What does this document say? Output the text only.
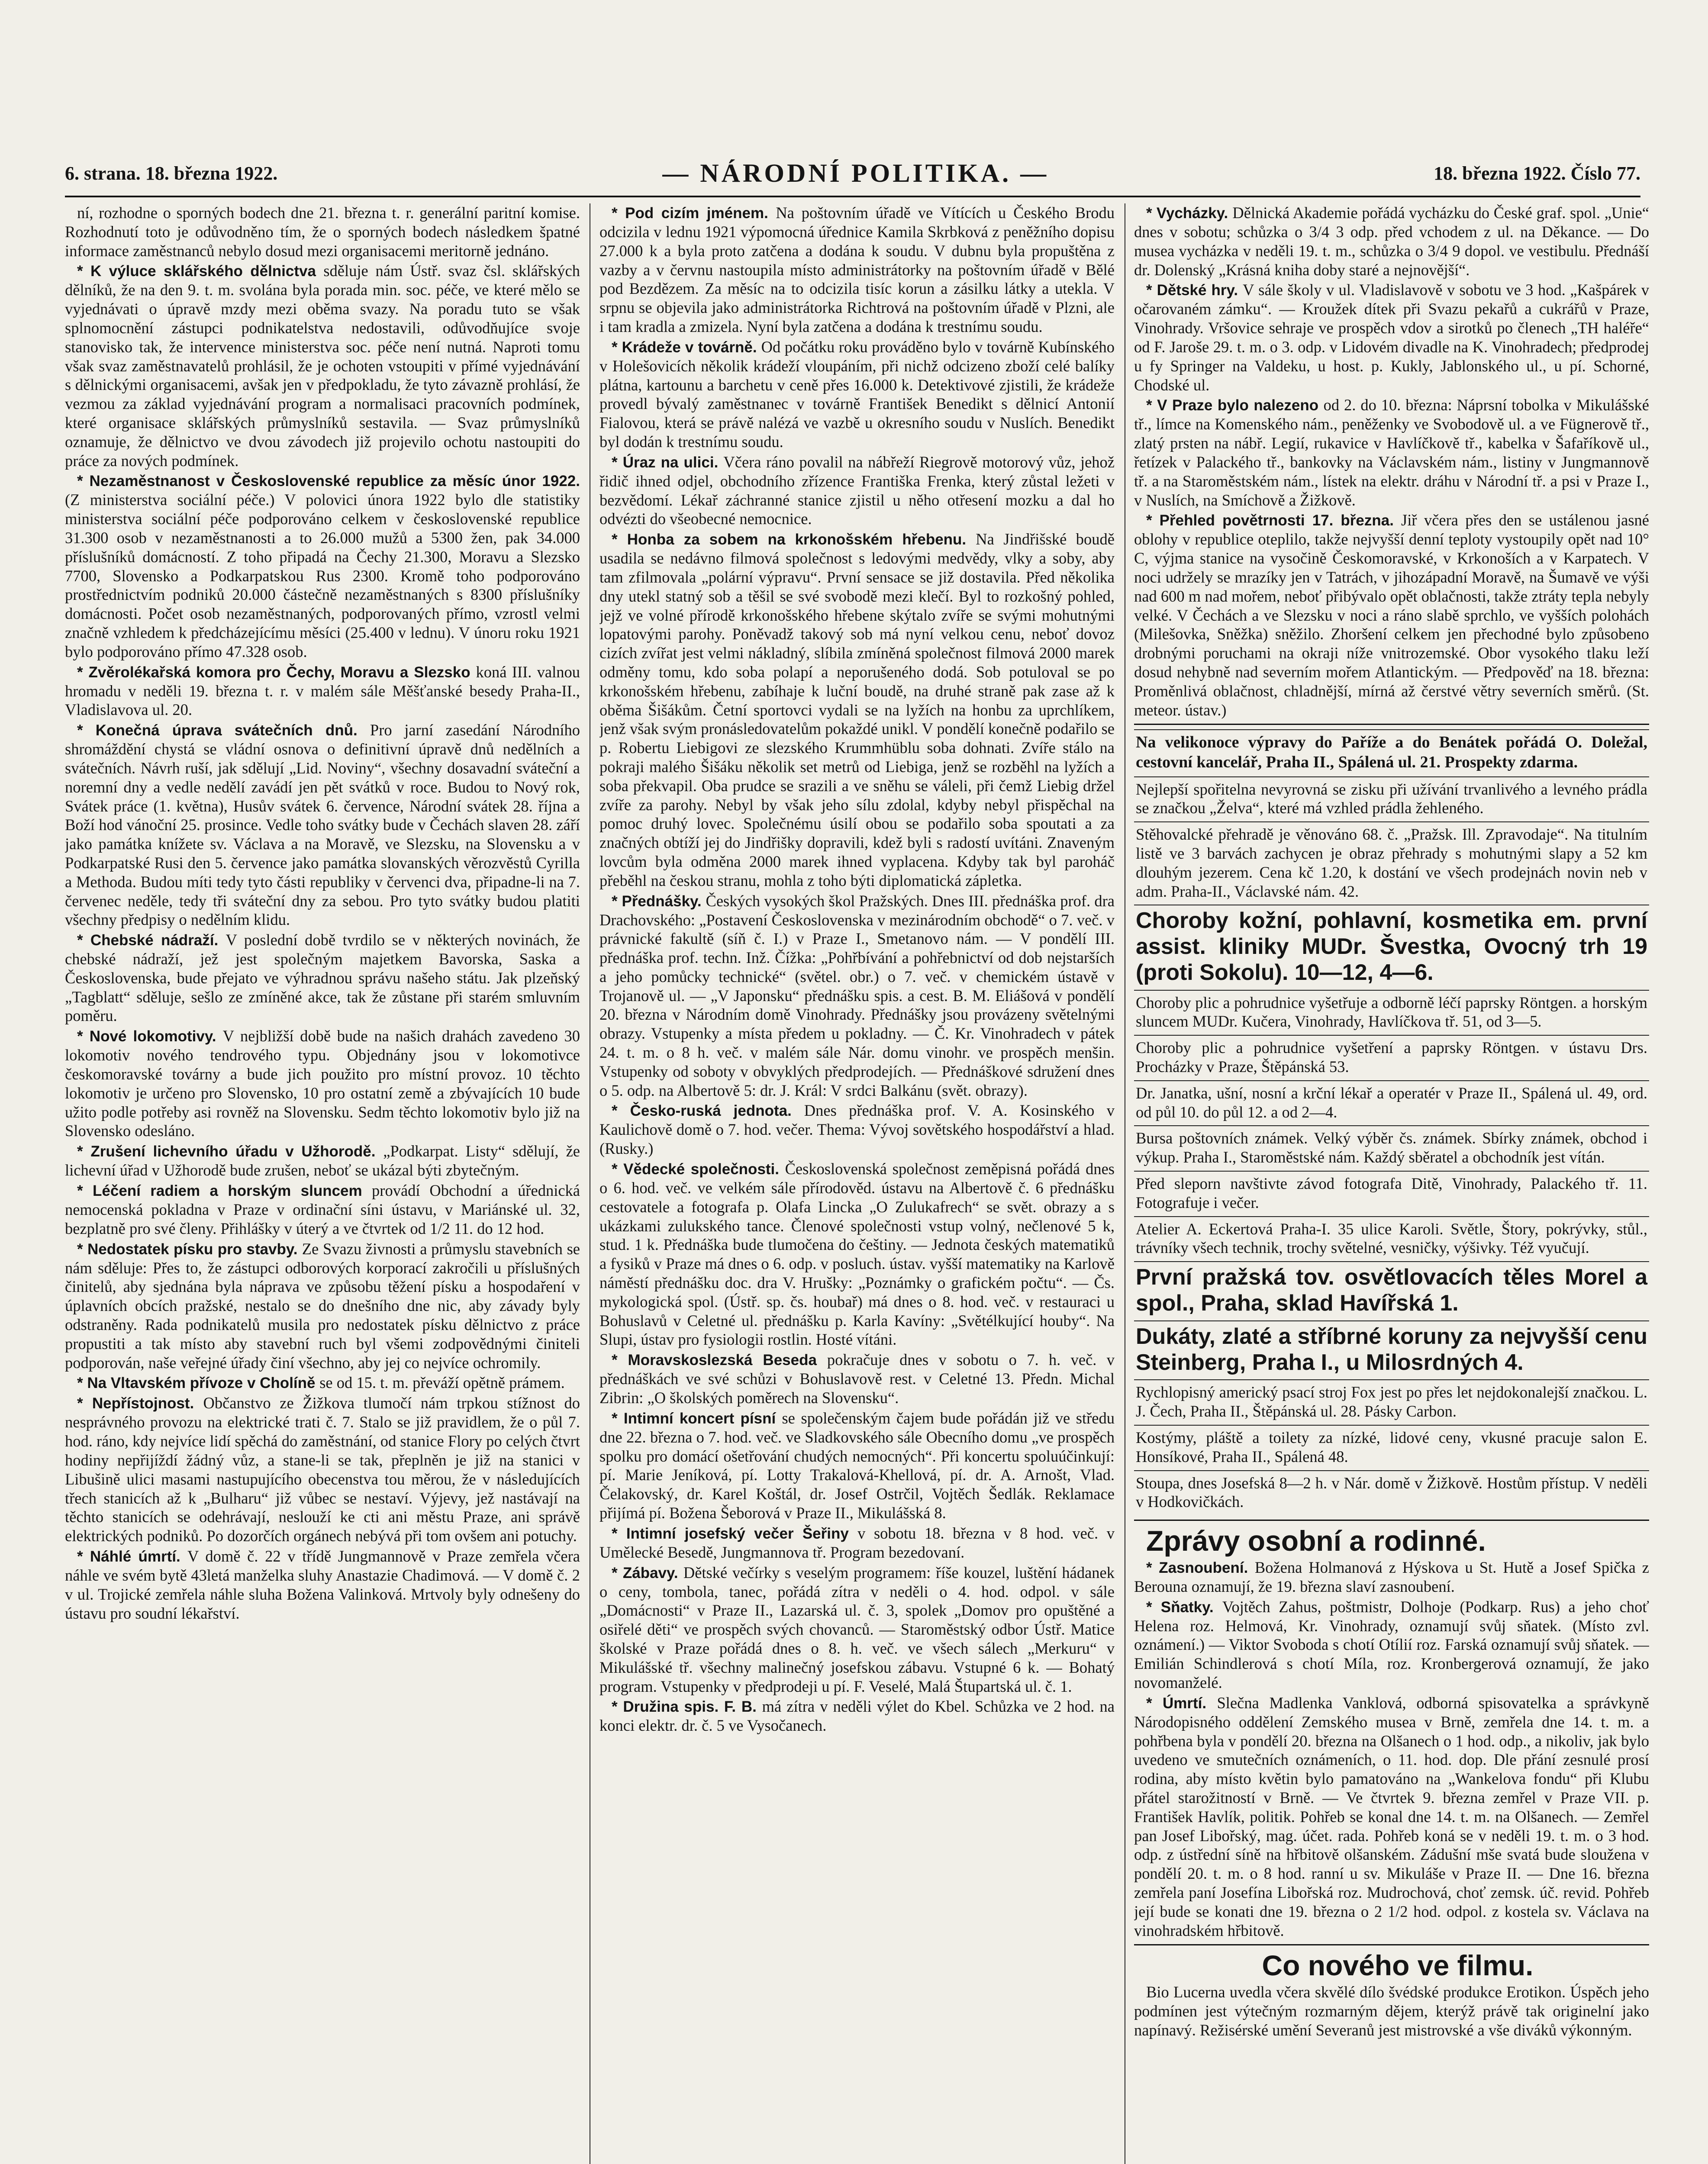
6. strana. 18. března 1922.	— NÁRODNÍ POLITIKA. —	18. března 1922. Číslo 77.

ní, rozhodne o sporných bodech dne 21. března t. r. generální paritní komise. Rozhodnutí toto je odůvodněno tím, že o sporných bodech následkem špatné informace zaměstnanců nebylo dosud mezi organisacemi meritorně jednáno.

* K výluce sklářského dělnictva sděluje nám Ústř. svaz čsl. sklářských dělníků, že na den 9. t. m. svolána byla porada min. soc. péče, ve které mělo se vyjednávati o úpravě mzdy mezi oběma svazy. Na poradu tuto se však splnomocnění zástupci podnikatelstva nedostavili, odůvodňujíce svoje stanovisko tak, že intervence ministerstva soc. péče není nutná. Naproti tomu však svaz zaměstnavatelů prohlásil, že je ochoten vstoupiti v přímé vyjednávání s dělnickými organisacemi, avšak jen v předpokladu, že tyto závazně prohlásí, že vezmou za základ vyjednávání program a normalisaci pracovních podmínek, které organisace sklářských průmyslníků sestavila. — Svaz průmyslníků oznamuje, že dělnictvo ve dvou závodech již projevilo ochotu nastoupiti do práce za nových podmínek.

* Nezaměstnanost v Československé republice za měsíc únor 1922. (Z ministerstva sociální péče.) V polovici února 1922 bylo dle statistiky ministerstva sociální péče podporováno celkem v československé republice 31.300 osob v nezaměstnanosti a to 26.000 mužů a 5300 žen, pak 34.000 příslušníků domácností. Z toho připadá na Čechy 21.300, Moravu a Slezsko 7700, Slovensko a Podkarpatskou Rus 2300. Kromě toho podporováno prostřednictvím podniků 20.000 částečně nezaměstnaných s 8300 příslušníky domácnosti. Počet osob nezaměstnaných, podporovaných přímo, vzrostl velmi značně vzhledem k předcházejícímu měsíci (25.400 v lednu). V únoru roku 1921 bylo podporováno přímo 47.328 osob.

* Zvěrolékařská komora pro Čechy, Moravu a Slezsko koná III. valnou hromadu v neděli 19. března t. r. v malém sále Měšťanské besedy Praha-II., Vladislavova ul. 20.

* Konečná úprava svátečních dnů. Pro jarní zasedání Národního shromáždění chystá se vládní osnova o definitivní úpravě dnů nedělních a svátečních. Návrh ruší, jak sdělují „Lid. Noviny“, všechny dosavadní sváteční a noremní dny a vedle nedělí zavádí jen pět svátků v roce. Budou to Nový rok, Svátek práce (1. května), Husův svátek 6. července, Národní svátek 28. října a Boží hod vánoční 25. prosince. Vedle toho svátky bude v Čechách slaven 28. září jako památka knížete sv. Václava a na Moravě, ve Slezsku, na Slovensku a v Podkarpatské Rusi den 5. července jako památka slovanských věrozvěstů Cyrilla a Methoda. Budou míti tedy tyto části republiky v červenci dva, připadne-li na 7. červenec neděle, tedy tři sváteční dny za sebou. Pro tyto svátky budou platiti všechny předpisy o nedělním klidu.

* Chebské nádraží. V poslední době tvrdilo se v některých novinách, že chebské nádraží, jež jest společným majetkem Bavorska, Saska a Československa, bude přejato ve výhradnou správu našeho státu. Jak plzeňský „Tagblatt“ sděluje, sešlo ze zmíněné akce, tak že zůstane při starém smluvním poměru.

* Nové lokomotivy. V nejbližší době bude na našich drahách zavedeno 30 lokomotiv nového tendrového typu. Objednány jsou v lokomotivce českomoravské továrny a bude jich použito pro místní provoz. 10 těchto lokomotiv je určeno pro Slovensko, 10 pro ostatní země a zbývajících 10 bude užito podle potřeby asi rovněž na Slovensku. Sedm těchto lokomotiv bylo již na Slovensko odesláno.

* Zrušení lichevního úřadu v Užhorodě. „Podkarpat. Listy“ sdělují, že lichevní úřad v Užhorodě bude zrušen, neboť se ukázal býti zbytečným.

* Léčení radiem a horským sluncem provádí Obchodní a úřednická nemocenská pokladna v Praze v ordinační síni ústavu, v Mariánské ul. 32, bezplatně pro své členy. Přihlášky v úterý a ve čtvrtek od 1/2 11. do 12 hod.

* Nedostatek písku pro stavby. Ze Svazu živnosti a průmyslu stavebních se nám sděluje: Přes to, že zástupci odborových korporací zakročili u příslušných činitelů, aby sjednána byla náprava ve způsobu těžení písku a hospodaření v úplavních obcích pražské, nestalo se do dnešního dne nic, aby závady byly odstraněny. Rada podnikatelů musila pro nedostatek písku dělnictvo z práce propustiti a tak místo aby stavební ruch byl všemi zodpovědnými činiteli podporován, naše veřejné úřady činí všechno, aby jej co nejvíce ochromily.

* Na Vltavském přívoze v Cholíně se od 15. t. m. převáží opětně prámem.

* Nepřístojnost. Občanstvo ze Žižkova tlumočí nám trpkou stížnost do nesprávného provozu na elektrické trati č. 7. Stalo se již pravidlem, že o půl 7. hod. ráno, kdy nejvíce lidí spěchá do zaměstnání, od stanice Flory po celých čtvrt hodiny nepřijíždí žádný vůz, a stane-li se tak, přeplněn je již na stanici v Libušině ulici masami nastupujícího obecenstva tou měrou, že v následujících třech stanicích až k „Bulharu“ již vůbec se nestaví. Výjevy, jež nastávají na těchto stanicích se odehrávají, neslouží ke cti ani městu Praze, ani správě elektrických podniků. Po dozorčích orgánech nebývá při tom ovšem ani potuchy.

* Náhlé úmrtí. V domě č. 22 v třídě Jungmannově v Praze zemřela včera náhle ve svém bytě 43letá manželka sluhy Anastazie Chadimová. — V domě č. 2 v ul. Trojické zemřela náhle sluha Božena Valinková. Mrtvoly byly odnešeny do ústavu pro soudní lékařství.

* Pod cizím jménem. Na poštovním úřadě ve Vítících u Českého Brodu odcizila v lednu 1921 výpomocná úřednice Kamila Skrbková z peněžního dopisu 27.000 k a byla proto zatčena a dodána k soudu. V dubnu byla propuštěna z vazby a v červnu nastoupila místo administrátorky na poštovním úřadě v Bělé pod Bezdězem. Za měsíc na to odcizila tisíc korun a zásilku látky a utekla. V srpnu se objevila jako administrátorka Richtrová na poštovním úřadě v Plzni, ale i tam kradla a zmizela. Nyní byla zatčena a dodána k trestnímu soudu.

* Krádeže v továrně. Od počátku roku prováděno bylo v továrně Kubínského v Holešovicích několik krádeží vloupáním, při nichž odcizeno zboží celé balíky plátna, kartounu a barchetu v ceně přes 16.000 k. Detektivové zjistili, že krádeže provedl bývalý zaměstnanec v továrně František Benedikt s dělnicí Antonií Fialovou, která se právě nalézá ve vazbě u okresního soudu v Nuslích. Benedikt byl dodán k trestnímu soudu.

* Úraz na ulici. Včera ráno povalil na nábřeží Riegrově motorový vůz, jehož řidič ihned odjel, obchodního zřízence Františka Frenka, který zůstal ležeti v bezvědomí. Lékař záchranné stanice zjistil u něho otřesení mozku a dal ho odvézti do všeobecné nemocnice.

* Honba za sobem na krkonošském hřebenu. Na Jindřišské boudě usadila se nedávno filmová společnost s ledovými medvědy, vlky a soby, aby tam zfilmovala „polární výpravu“. První sensace se již dostavila. Před několika dny utekl statný sob a těšil se své svobodě mezi klečí. Byl to rozkošný pohled, jejž ve volné přírodě krkonošského hřebene skýtalo zvíře se svými mohutnými lopatovými parohy. Poněvadž takový sob má nyní velkou cenu, neboť dovoz cizích zvířat jest velmi nákladný, slíbila zmíněná společnost filmová 2000 marek odměny tomu, kdo soba polapí a neporušeného dodá. Sob potuloval se po krkonošském hřebenu, zabíhaje k luční boudě, na druhé straně pak zase až k oběma Šišákům. Četní sportovci vydali se na lyžích na honbu za uprchlíkem, jenž však svým pronásledovatelům pokaždé unikl. V pondělí konečně podařilo se p. Robertu Liebigovi ze slezského Krummhüblu soba dohnati. Zvíře stálo na pokraji malého Šišáku několik set metrů od Liebiga, jenž se rozběhl na lyžích a soba překvapil. Oba prudce se srazili a ve sněhu se váleli, při čemž Liebig držel zvíře za parohy. Nebyl by však jeho sílu zdolal, kdyby nebyl přispěchal na pomoc druhý lovec. Společnému úsilí obou se podařilo soba spoutati a za značných obtíží jej do Jindřišky dopravili, kdež byli s radostí uvítáni. Znaveným lovcům byla odměna 2000 marek ihned vyplacena. Kdyby tak byl paroháč přeběhl na českou stranu, mohla z toho býti diplomatická zápletka.

* Přednášky. Českých vysokých škol Pražských. Dnes III. přednáška prof. dra Drachovského: „Postavení Československa v mezinárodním obchodě“ o 7. več. v právnické fakultě (síň č. I.) v Praze I., Smetanovo nám. — V pondělí III. přednáška prof. techn. Inž. Čížka: „Pohřbívání a pohřebnictví od dob nejstarších a jeho pomůcky technické“ (světel. obr.) o 7. več. v chemickém ústavě v Trojanově ul. — „V Japonsku“ přednášku spis. a cest. B. M. Eliášová v pondělí 20. března v Národním domě Vinohrady. Přednášky jsou provázeny světelnými obrazy. Vstupenky a místa předem u pokladny. — Č. Kr. Vinohradech v pátek 24. t. m. o 8 h. več. v malém sále Nár. domu vinohr. ve prospěch menšin. Vstupenky od soboty v obvyklých předprodejích. — Přednáškové sdružení dnes o 5. odp. na Albertově 5: dr. J. Král: V srdci Balkánu (svět. obrazy).

* Česko-ruská jednota. Dnes přednáška prof. V. A. Kosinského v Kaulichově domě o 7. hod. večer. Thema: Vývoj sovětského hospodářství a hlad. (Rusky.)

* Vědecké společnosti. Československá společnost zeměpisná pořádá dnes o 6. hod. več. ve velkém sále přírodověd. ústavu na Albertově č. 6 přednášku cestovatele a fotografa p. Olafa Lincka „O Zulukafrech“ se svět. obrazy a s ukázkami zulukského tance. Členové společnosti vstup volný, nečlenové 5 k, stud. 1 k. Přednáška bude tlumočena do češtiny. — Jednota českých matematiků a fysiků v Praze má dnes o 6. odp. v posluch. ústav. vyšší matematiky na Karlově náměstí přednášku doc. dra V. Hrušky: „Poznámky o grafickém počtu“. — Čs. mykologická spol. (Ústř. sp. čs. houbař) má dnes o 8. hod. več. v restauraci u Bohuslavů v Celetné ul. přednášku p. Karla Kavíny: „Světélkující houby“. Na Slupi, ústav pro fysiologii rostlin. Hosté vítáni.

* Moravskoslezská Beseda pokračuje dnes v sobotu o 7. h. več. v přednáškách ve své schůzi v Bohuslavově rest. v Celetné 13. Předn. Michal Zibrin: „O školských poměrech na Slovensku“.

* Intimní koncert písní se společenským čajem bude pořádán již ve středu dne 22. března o 7. hod. več. ve Sladkovského sále Obecního domu „ve prospěch spolku pro domácí ošetřování chudých nemocných“. Při koncertu spoluúčinkují: pí. Marie Jeníková, pí. Lotty Trakalová-Khellová, pí. dr. A. Arnošt, Vlad. Čelakovský, dr. Karel Koštál, dr. Josef Ostrčil, Vojtěch Šedlák. Reklamace přijímá pí. Božena Šeborová v Praze II., Mikulášská 8.

* Intimní josefský večer Šeřiny v sobotu 18. března v 8 hod. več. v Umělecké Besedě, Jungmannova tř. Program bezedovaní.

* Zábavy. Dětské večírky s veselým programem: říše kouzel, luštění hádanek o ceny, tombola, tanec, pořádá zítra v neděli o 4. hod. odpol. v sále „Domácnosti“ v Praze II., Lazarská ul. č. 3, spolek „Domov pro opuštěné a osiřelé děti“ ve prospěch svých chovanců. — Staroměstský odbor Ústř. Matice školské v Praze pořádá dnes o 8. h. več. ve všech sálech „Merkuru“ v Mikulášské tř. všechny malinečný josefskou zábavu. Vstupné 6 k. — Bohatý program. Vstupenky v předprodeji u pí. F. Veselé, Malá Štupartská ul. č. 1.

* Družina spis. F. B. má zítra v neděli výlet do Kbel. Schůzka ve 2 hod. na konci elektr. dr. č. 5 ve Vysočanech.

* Vycházky. Dělnická Akademie pořádá vycházku do České graf. spol. „Unie“ dnes v sobotu; schůzka o 3/4 3 odp. před vchodem z ul. na Děkance. — Do musea vycházka v neděli 19. t. m., schůzka o 3/4 9 dopol. ve vestibulu. Přednáší dr. Dolenský „Krásná kniha doby staré a nejnovější“.

* Dětské hry. V sále školy v ul. Vladislavově v sobotu ve 3 hod. „Kašpárek v očarovaném zámku“. — Kroužek dítek při Svazu pekařů a cukrářů v Praze, Vinohrady. Vršovice sehraje ve prospěch vdov a sirotků po členech „TH haléře“ od F. Jaroše 29. t. m. o 3. odp. v Lidovém divadle na K. Vinohradech; předprodej u fy Springer na Valdeku, u host. p. Kukly, Jablonského ul., u pí. Schorné, Chodské ul.

* V Praze bylo nalezeno od 2. do 10. března: Náprsní tobolka v Mikulášské tř., límce na Komenského nám., peněženky ve Svobodově ul. a ve Fügnerově tř., zlatý prsten na nábř. Legií, rukavice v Havlíčkově tř., kabelka v Šafaříkově ul., řetízek v Palackého tř., bankovky na Václavském nám., listiny v Jungmannově tř. a na Staroměstském nám., lístek na elektr. dráhu v Národní tř. a psi v Praze I., v Nuslích, na Smíchově a Žižkově.

* Přehled povětrnosti 17. března. Jiř včera přes den se ustálenou jasné oblohy v republice oteplilo, takže nejvyšší denní teploty vystoupily opět nad 10° C, výjma stanice na vysočině Českomoravské, v Krkonoších a v Karpatech. V noci udržely se mrazíky jen v Tatrách, v jihozápadní Moravě, na Šumavě ve výši nad 600 m nad mořem, neboť přibývalo opět oblačnosti, takže ztráty tepla nebyly velké. V Čechách a ve Slezsku v noci a ráno slabě sprchlo, ve vyšších polohách (Milešovka, Sněžka) sněžilo. Zhoršení celkem jen přechodné bylo způsobeno drobnými poruchami na okraji níže vnitrozemské. Obor vysokého tlaku leží dosud nehybně nad severním mořem Atlantickým. — Předpověď na 18. března: Proměnlivá oblačnost, chladnější, mírná až čerstvé větry severních směrů. (St. meteor. ústav.)

Na velikonoce výpravy do Paříže a do Benátek pořádá O. Doležal, cestovní kancelář, Praha II., Spálená ul. 21. Prospekty zdarma.

Nejlepší spořitelna nevyrovná se zisku při užívání trvanlivého a levného prádla se značkou „Želva“, které má vzhled prádla žehleného.

Stěhovalcké přehradě je věnováno 68. č. „Pražsk. Ill. Zpravodaje“. Na titulním listě ve 3 barvách zachycen je obraz přehrady s mohutnými slapy a 52 km dlouhým jezerem. Cena kč 1.20, k dostání ve všech prodejnách novin neb v adm. Praha-II., Václavské nám. 42.

Choroby kožní, pohlavní, kosmetika em. první assist. kliniky MUDr. Švestka, Ovocný trh 19 (proti Sokolu). 10—12, 4—6.

Choroby plic a pohrudnice vyšetřuje a odborně léčí paprsky Röntgen. a horským sluncem MUDr. Kučera, Vinohrady, Havlíčkova tř. 51, od 3—5.

Choroby plic a pohrudnice vyšetření a paprsky Röntgen. v ústavu Drs. Procházky v Praze, Štěpánská 53.

Dr. Janatka, ušní, nosní a krční lékař a operatér v Praze II., Spálená ul. 49, ord. od půl 10. do půl 12. a od 2—4.

Bursa poštovních známek. Velký výběr čs. známek. Sbírky známek, obchod i výkup. Praha I., Staroměstské nám. Každý sběratel a obchodník jest vítán.

Před sleporn navštivte závod fotografa Ditě, Vinohrady, Palackého tř. 11. Fotografuje i večer.

Atelier A. Eckertová Praha-I. 35 ulice Karoli. Světle, Štory, pokrývky, stůl., trávníky všech technik, trochy světelné, vesničky, výšivky. Též vyučují.

První pražská tov. osvětlovacích těles Morel a spol., Praha, sklad Havířská 1.

Dukáty, zlaté a stříbrné koruny za nejvyšší cenu Steinberg, Praha I., u Milosrdných 4.

Rychlopisný americký psací stroj Fox jest po přes let nejdokonalejší značkou. L. J. Čech, Praha II., Štěpánská ul. 28. Pásky Carbon.

Kostýmy, pláště a toilety za nízké, lidové ceny, vkusné pracuje salon E. Honsíkové, Praha II., Spálená 48.

Stoupa, dnes Josefská 8—2 h. v Nár. domě v Žižkově. Hostům přístup. V neděli v Hodkovičkách.

Zprávy osobní a rodinné.

* Zasnoubení. Božena Holmanová z Hýskova u St. Hutě a Josef Spička z Berouna oznamují, že 19. března slaví zasnoubení.

* Sňatky. Vojtěch Zahus, poštmistr, Dolhoje (Podkarp. Rus) a jeho choť Helena roz. Helmová, Kr. Vinohrady, oznamují svůj sňatek. (Místo zvl. oznámení.) — Viktor Svoboda s chotí Otílií roz. Farská oznamují svůj sňatek. — Emilián Schindlerová s chotí Míla, roz. Kronbergerová oznamují, že jako novomanželé.

* Úmrtí. Slečna Madlenka Vanklová, odborná spisovatelka a správkyně Národopisného oddělení Zemského musea v Brně, zemřela dne 14. t. m. a pohřbena byla v pondělí 20. března na Olšanech o 1 hod. odp., a nikoliv, jak bylo uvedeno ve smutečních oznámeních, o 11. hod. dop. Dle přání zesnulé prosí rodina, aby místo květin bylo pamatováno na „Wankelova fondu“ při Klubu přátel starožitností v Brně. — Ve čtvrtek 9. března zemřel v Praze VII. p. František Havlík, politik. Pohřeb se konal dne 14. t. m. na Olšanech. — Zemřel pan Josef Libořský, mag. účet. rada. Pohřeb koná se v neděli 19. t. m. o 3 hod. odp. z ústřední síně na hřbitově olšanském. Zádušní mše svatá bude sloužena v pondělí 20. t. m. o 8 hod. ranní u sv. Mikuláše v Praze II. — Dne 16. března zemřela paní Josefína Libořská roz. Mudrochová, choť zemsk. úč. revid. Pohřeb její bude se konati dne 19. března o 2 1/2 hod. odpol. z kostela sv. Václava na vinohradském hřbitově.

Co nového ve filmu.

Bio Lucerna uvedla včera skvělé dílo švédské produkce Erotikon. Úspěch jeho podmínen jest výtečným rozmarným dějem, kterýž právě tak originelní jako napínavý. Režisérské umění Severanů jest mistrovské a vše diváků výkonným.
